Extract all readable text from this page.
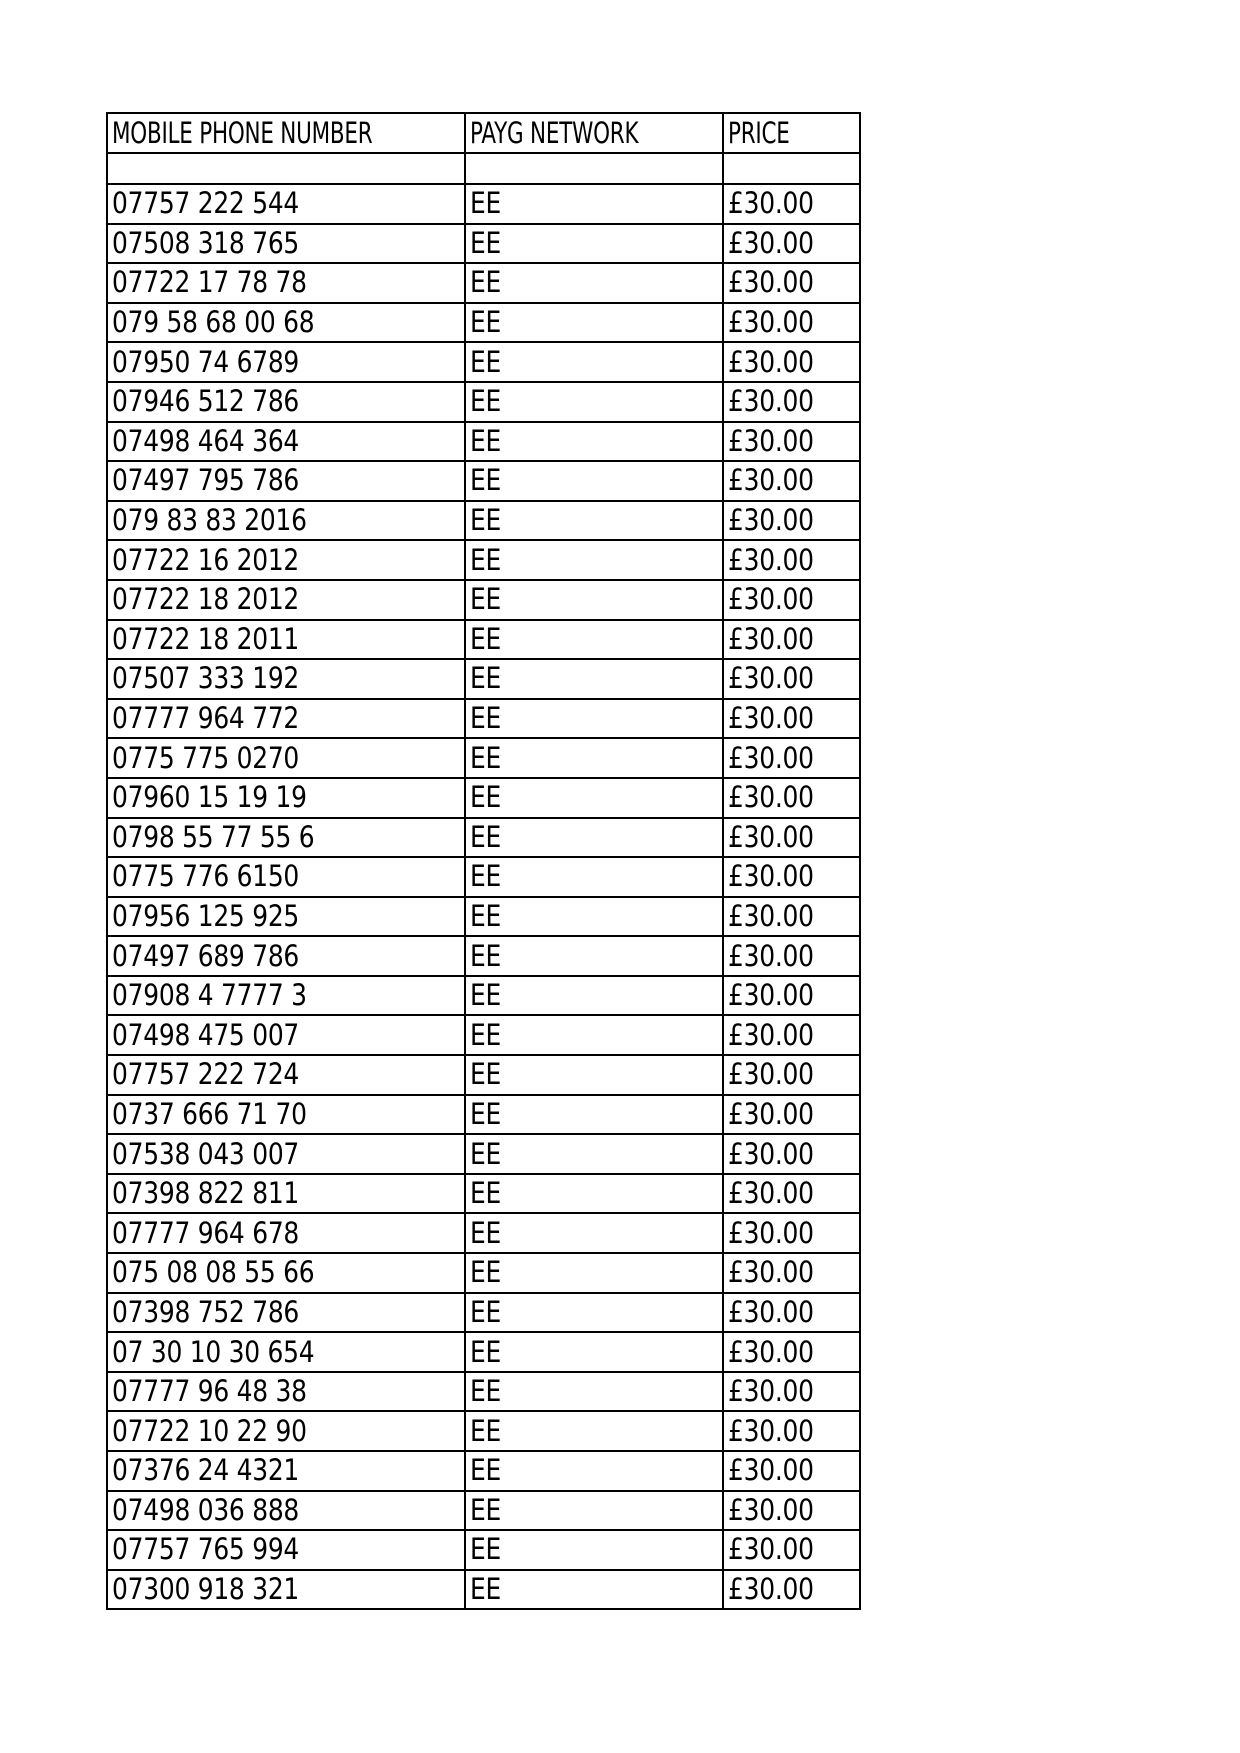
MOBILE PHONE NUMBER	PAYG NETWORK	PRICE

07757 222 544	EE	£30.00
07508 318 765	EE	£30.00
07722 17 78 78	EE	£30.00
079 58 68 00 68	EE	£30.00
07950 74 6789	EE	£30.00
07946 512 786	EE	£30.00
07498 464 364	EE	£30.00
07497 795 786	EE	£30.00
079 83 83 2016	EE	£30.00
07722 16 2012	EE	£30.00
07722 18 2012	EE	£30.00
07722 18 2011	EE	£30.00
07507 333 192	EE	£30.00
07777 964 772	EE	£30.00
0775 775 0270	EE	£30.00
07960 15 19 19	EE	£30.00
0798 55 77 55 6	EE	£30.00
0775 776 6150	EE	£30.00
07956 125 925	EE	£30.00
07497 689 786	EE	£30.00
07908 4 7777 3	EE	£30.00
07498 475 007	EE	£30.00
07757 222 724	EE	£30.00
0737 666 71 70	EE	£30.00
07538 043 007	EE	£30.00
07398 822 811	EE	£30.00
07777 964 678	EE	£30.00
075 08 08 55 66	EE	£30.00
07398 752 786	EE	£30.00
07 30 10 30 654	EE	£30.00
07777 96 48 38	EE	£30.00
07722 10 22 90	EE	£30.00
07376 24 4321	EE	£30.00
07498 036 888	EE	£30.00
07757 765 994	EE	£30.00
07300 918 321	EE	£30.00
